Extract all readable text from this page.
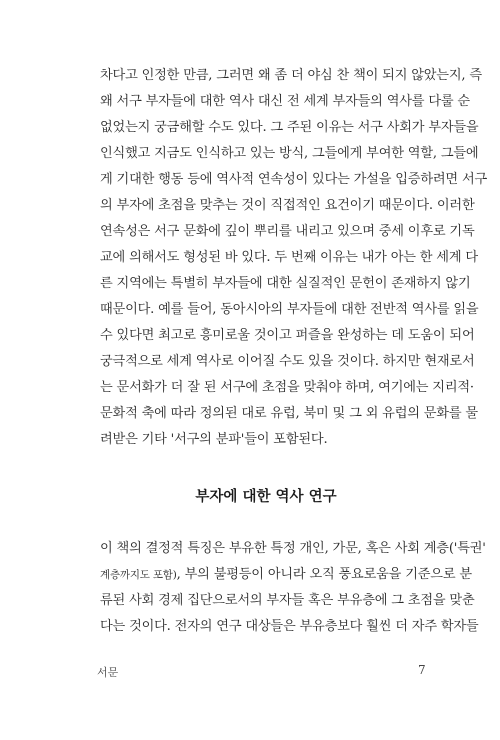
차다고 인정한 만큼, 그러면 왜 좀 더 야심 찬 책이 되지 않았는지, 즉
왜 서구 부자들에 대한 역사 대신 전 세계 부자들의 역사를 다룰 순
없었는지 궁금해할 수도 있다. 그 주된 이유는 서구 사회가 부자들을
인식했고 지금도 인식하고 있는 방식, 그들에게 부여한 역할, 그들에
게 기대한 행동 등에 역사적 연속성이 있다는 가설을 입증하려면 서구
의 부자에 초점을 맞추는 것이 직접적인 요건이기 때문이다. 이러한
연속성은 서구 문화에 깊이 뿌리를 내리고 있으며 중세 이후로 기독
교에 의해서도 형성된 바 있다. 두 번째 이유는 내가 아는 한 세계 다
른 지역에는 특별히 부자들에 대한 실질적인 문헌이 존재하지 않기
때문이다. 예를 들어, 동아시아의 부자들에 대한 전반적 역사를 읽을
수 있다면 최고로 흥미로울 것이고 퍼즐을 완성하는 데 도움이 되어
궁극적으로 세계 역사로 이어질 수도 있을 것이다. 하지만 현재로서
는 문서화가 더 잘 된 서구에 초점을 맞춰야 하며, 여기에는 지리적·
문화적 축에 따라 정의된 대로 유럽, 북미 및 그 외 유럽의 문화를 물
려받은 기타 '서구의 분파'들이 포함된다.
부자에 대한 역사 연구
이 책의 결정적 특징은 부유한 특정 개인, 가문, 혹은 사회 계층('특권'
계층까지도 포함), 부의 불평등이 아니라 오직 풍요로움을 기준으로 분
류된 사회 경제 집단으로서의 부자들 혹은 부유층에 그 초점을 맞춘
다는 것이다. 전자의 연구 대상들은 부유층보다 훨씬 더 자주 학자들
서문	7
